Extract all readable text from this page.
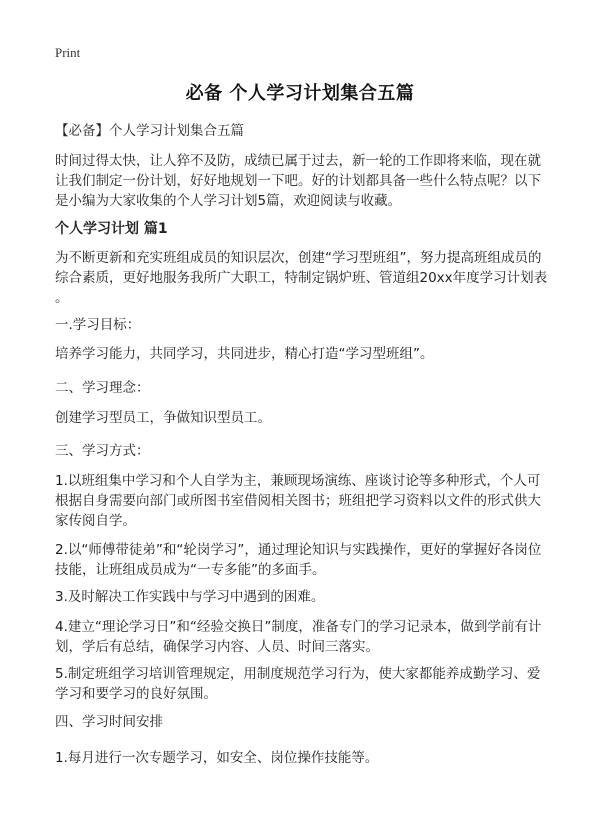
Print
必备 个人学习计划集合五篇
【必备】个人学习计划集合五篇
时间过得太快，让人猝不及防，成绩已属于过去，新一轮的工作即将来临，现在就
让我们制定一份计划，好好地规划一下吧。好的计划都具备一些什么特点呢？以下
是小编为大家收集的个人学习计划5篇，欢迎阅读与收藏。
个人学习计划 篇1
为不断更新和充实班组成员的知识层次，创建“学习型班组”，努力提高班组成员的
综合素质，更好地服务我所广大职工，特制定锅炉班、管道组20xx年度学习计划表
。
一.学习目标：
培养学习能力，共同学习，共同进步，精心打造“学习型班组”。
二、学习理念：
创建学习型员工，争做知识型员工。
三、学习方式：
1.以班组集中学习和个人自学为主，兼顾现场演练、座谈讨论等多种形式，个人可
根据自身需要向部门或所图书室借阅相关图书；班组把学习资料以文件的形式供大
家传阅自学。
2.以“师傅带徒弟”和“轮岗学习”，通过理论知识与实践操作，更好的掌握好各岗位
技能，让班组成员成为“一专多能”的多面手。
3.及时解决工作实践中与学习中遇到的困难。
4.建立“理论学习日”和“经验交换日”制度，准备专门的学习记录本，做到学前有计
划，学后有总结，确保学习内容、人员、时间三落实。
5.制定班组学习培训管理规定，用制度规范学习行为，使大家都能养成勤学习、爱
学习和要学习的良好氛围。
四、学习时间安排
1.每月进行一次专题学习，如安全、岗位操作技能等。
